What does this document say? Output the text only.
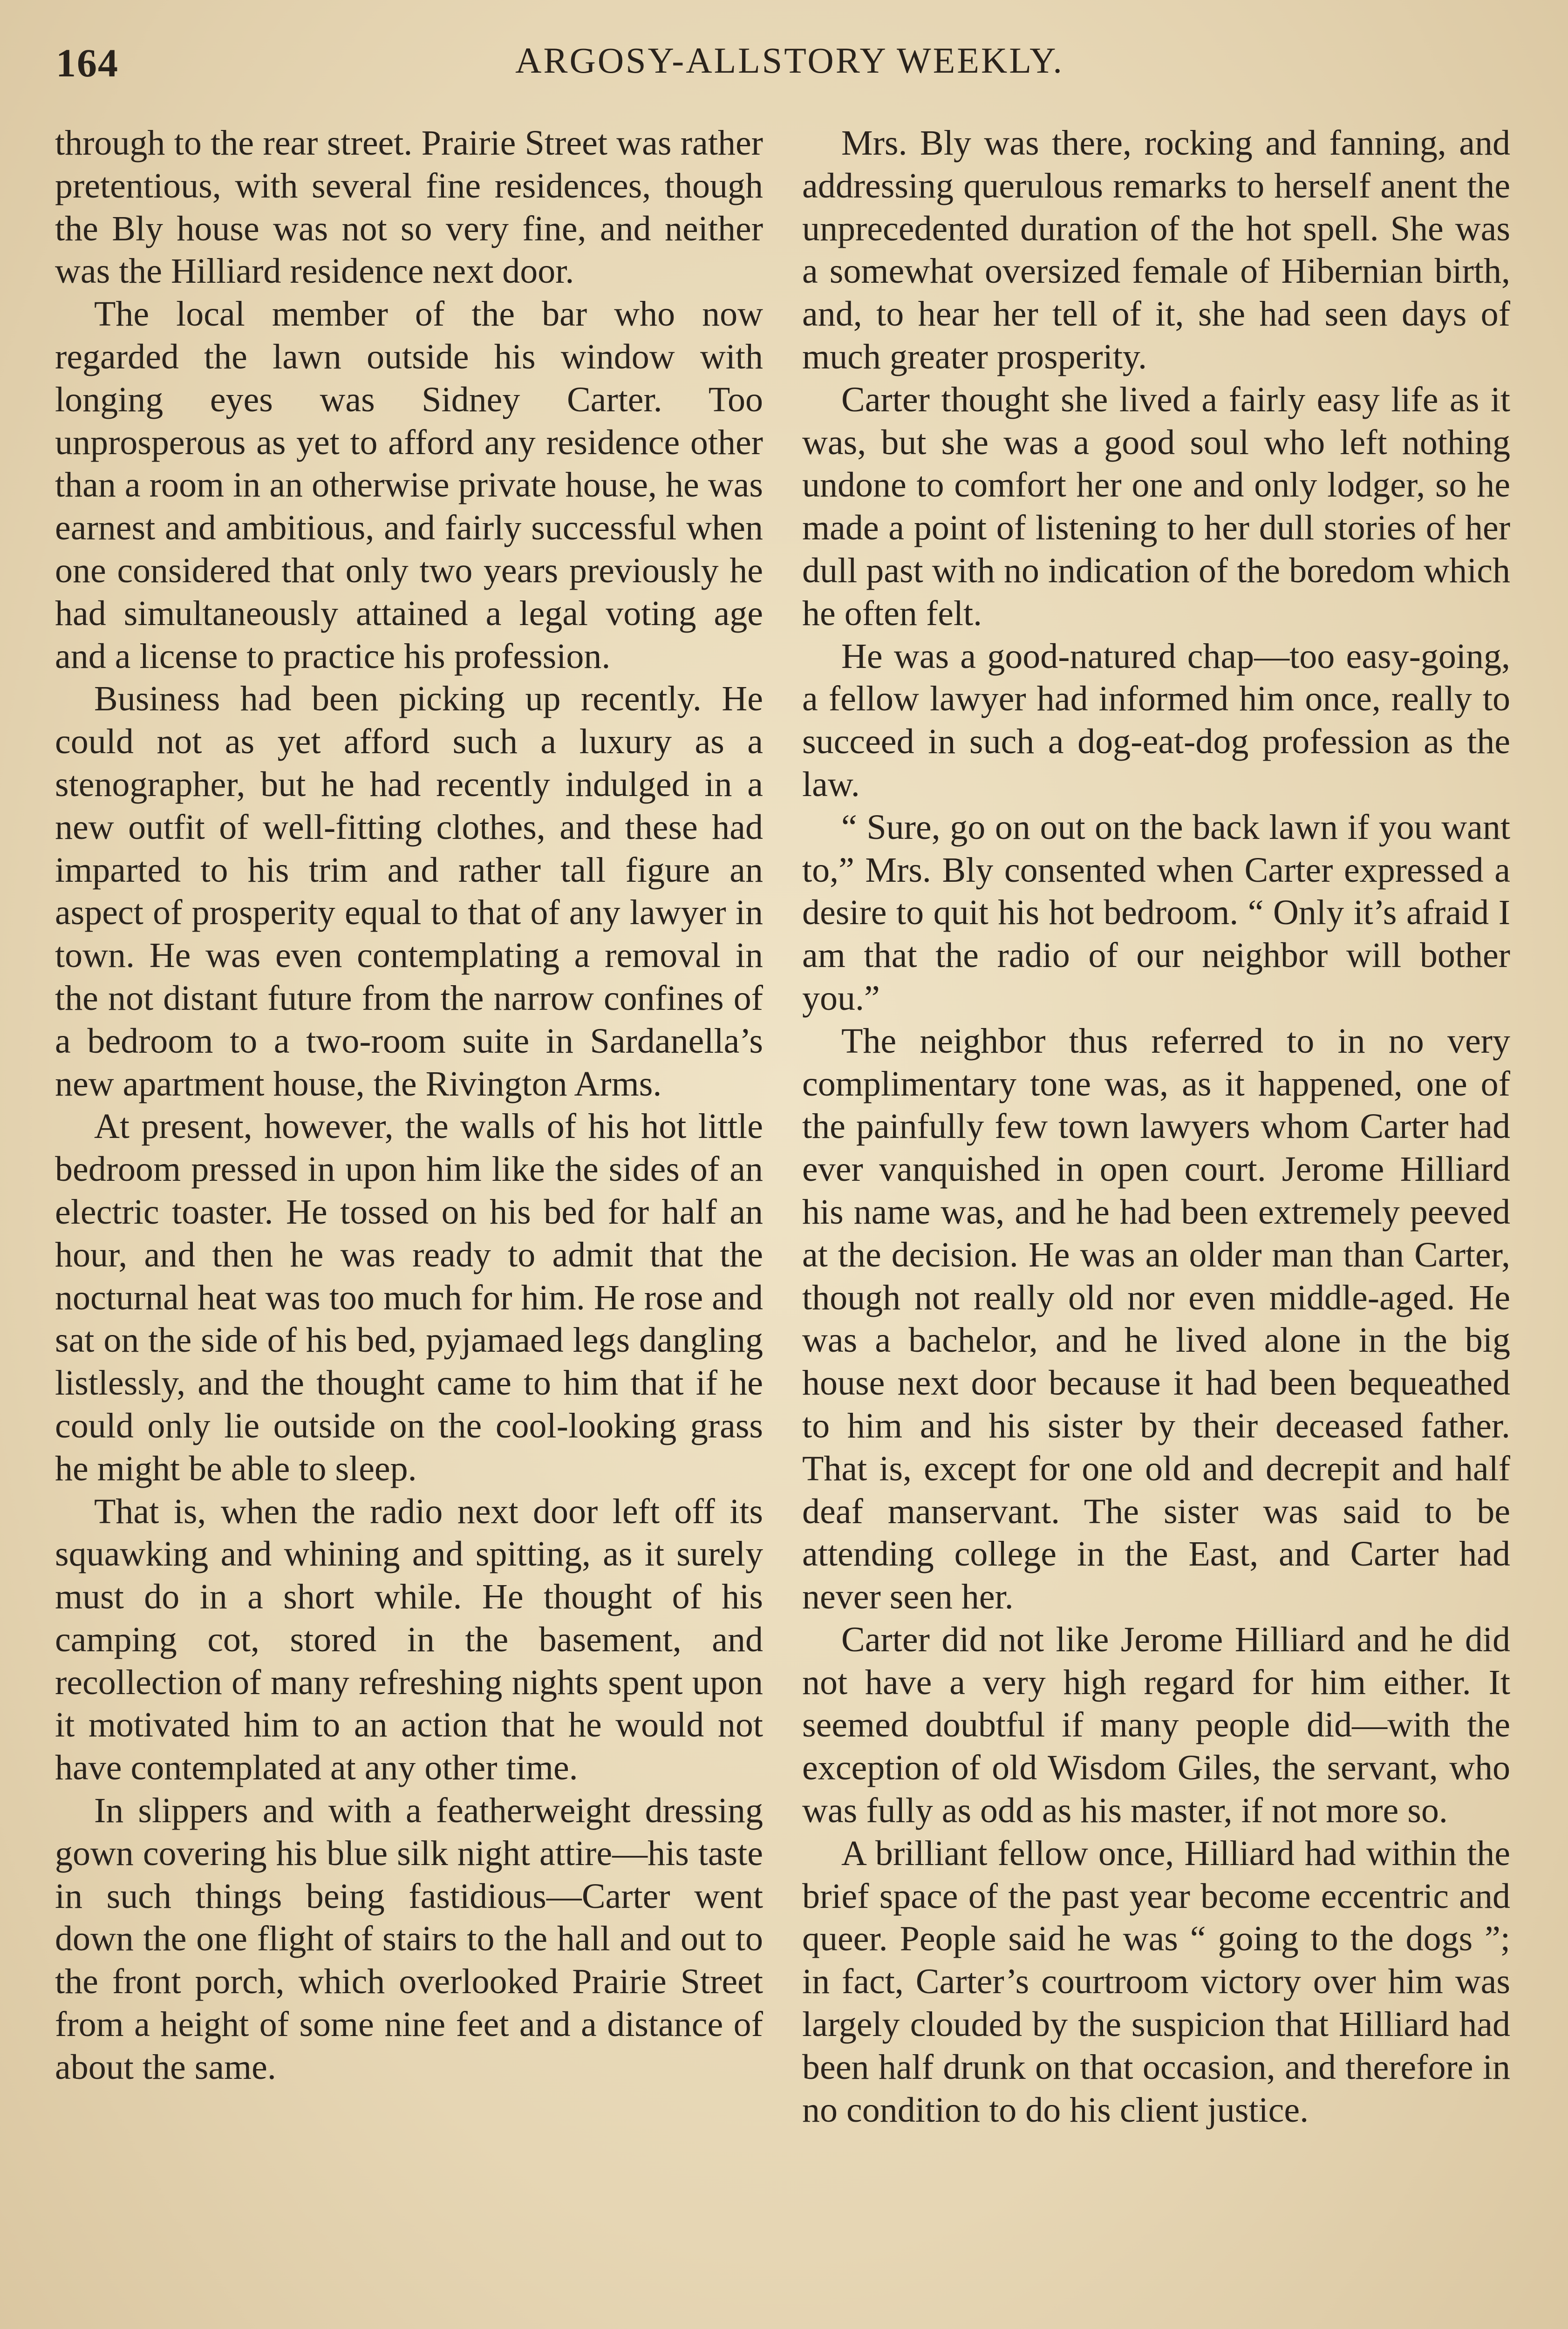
164	ARGOSY-ALLSTORY WEEKLY.

through to the rear street. Prairie Street was rather pretentious, with several fine residences, though the Bly house was not so very fine, and neither was the Hilliard residence next door.

The local member of the bar who now regarded the lawn outside his window with longing eyes was Sidney Carter. Too unprosperous as yet to afford any residence other than a room in an otherwise private house, he was earnest and ambitious, and fairly successful when one considered that only two years previously he had simultaneously attained a legal voting age and a license to practice his profession.

Business had been picking up recently. He could not as yet afford such a luxury as a stenographer, but he had recently indulged in a new outfit of well-fitting clothes, and these had imparted to his trim and rather tall figure an aspect of prosperity equal to that of any lawyer in town. He was even contemplating a removal in the not distant future from the narrow confines of a bedroom to a two-room suite in Sardanella’s new apartment house, the Rivington Arms.

At present, however, the walls of his hot little bedroom pressed in upon him like the sides of an electric toaster. He tossed on his bed for half an hour, and then he was ready to admit that the nocturnal heat was too much for him. He rose and sat on the side of his bed, pyjamaed legs dangling listlessly, and the thought came to him that if he could only lie outside on the cool-looking grass he might be able to sleep.

That is, when the radio next door left off its squawking and whining and spitting, as it surely must do in a short while. He thought of his camping cot, stored in the basement, and recollection of many refreshing nights spent upon it motivated him to an action that he would not have contemplated at any other time.

In slippers and with a featherweight dressing gown covering his blue silk night attire—his taste in such things being fastidious—Carter went down the one flight of stairs to the hall and out to the front porch, which overlooked Prairie Street from a height of some nine feet and a distance of about the same.

Mrs. Bly was there, rocking and fanning, and addressing querulous remarks to herself anent the unprecedented duration of the hot spell. She was a somewhat oversized female of Hibernian birth, and, to hear her tell of it, she had seen days of much greater prosperity.

Carter thought she lived a fairly easy life as it was, but she was a good soul who left nothing undone to comfort her one and only lodger, so he made a point of listening to her dull stories of her dull past with no indication of the boredom which he often felt.

He was a good-natured chap—too easy-going, a fellow lawyer had informed him once, really to succeed in such a dog-eat-dog profession as the law.

“ Sure, go on out on the back lawn if you want to,” Mrs. Bly consented when Carter expressed a desire to quit his hot bedroom. “ Only it’s afraid I am that the radio of our neighbor will bother you.”

The neighbor thus referred to in no very complimentary tone was, as it happened, one of the painfully few town lawyers whom Carter had ever vanquished in open court. Jerome Hilliard his name was, and he had been extremely peeved at the decision. He was an older man than Carter, though not really old nor even middle-aged. He was a bachelor, and he lived alone in the big house next door because it had been bequeathed to him and his sister by their deceased father. That is, except for one old and decrepit and half deaf manservant. The sister was said to be attending college in the East, and Carter had never seen her.

Carter did not like Jerome Hilliard and he did not have a very high regard for him either. It seemed doubtful if many people did—with the exception of old Wisdom Giles, the servant, who was fully as odd as his master, if not more so.

A brilliant fellow once, Hilliard had within the brief space of the past year become eccentric and queer. People said he was “ going to the dogs ”; in fact, Carter’s courtroom victory over him was largely clouded by the suspicion that Hilliard had been half drunk on that occasion, and therefore in no condition to do his client justice.
